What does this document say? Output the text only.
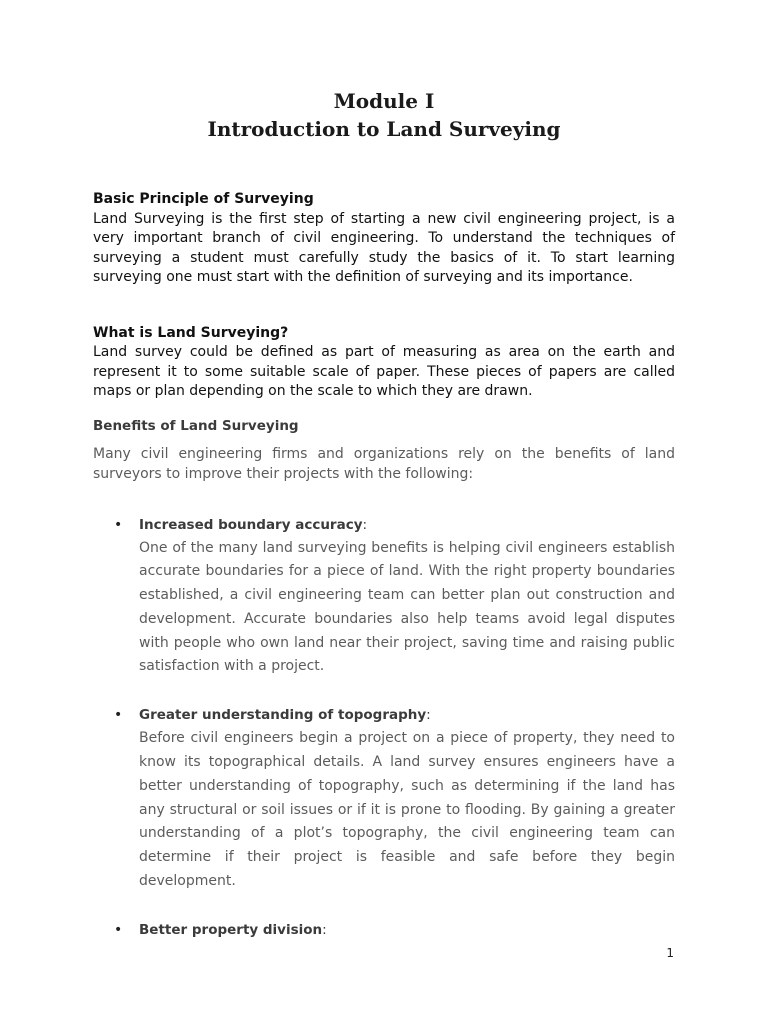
Module I
Introduction to Land Surveying
Basic Principle of Surveying

Land Surveying is the first step of starting a new civil engineering project, is a very important branch of civil engineering. To understand the techniques of surveying a student must carefully study the basics of it. To start learning surveying one must start with the definition of surveying and its importance.

What is Land Surveying?

Land survey could be defined as part of measuring as area on the earth and represent it to some suitable scale of paper. These pieces of papers are called maps or plan depending on the scale to which they are drawn.

Benefits of Land Surveying

Many civil engineering firms and organizations rely on the benefits of land surveyors to improve their projects with the following:

• Increased boundary accuracy:

One of the many land surveying benefits is helping civil engineers establish accurate boundaries for a piece of land. With the right property boundaries established, a civil engineering team can better plan out construction and development. Accurate boundaries also help teams avoid legal disputes with people who own land near their project, saving time and raising public satisfaction with a project.

• Greater understanding of topography:

Before civil engineers begin a project on a piece of property, they need to know its topographical details. A land survey ensures engineers have a better understanding of topography, such as determining if the land has any structural or soil issues or if it is prone to flooding. By gaining a greater understanding of a plot’s topography, the civil engineering team can determine if their project is feasible and safe before they begin development.

• Better property division:
1
